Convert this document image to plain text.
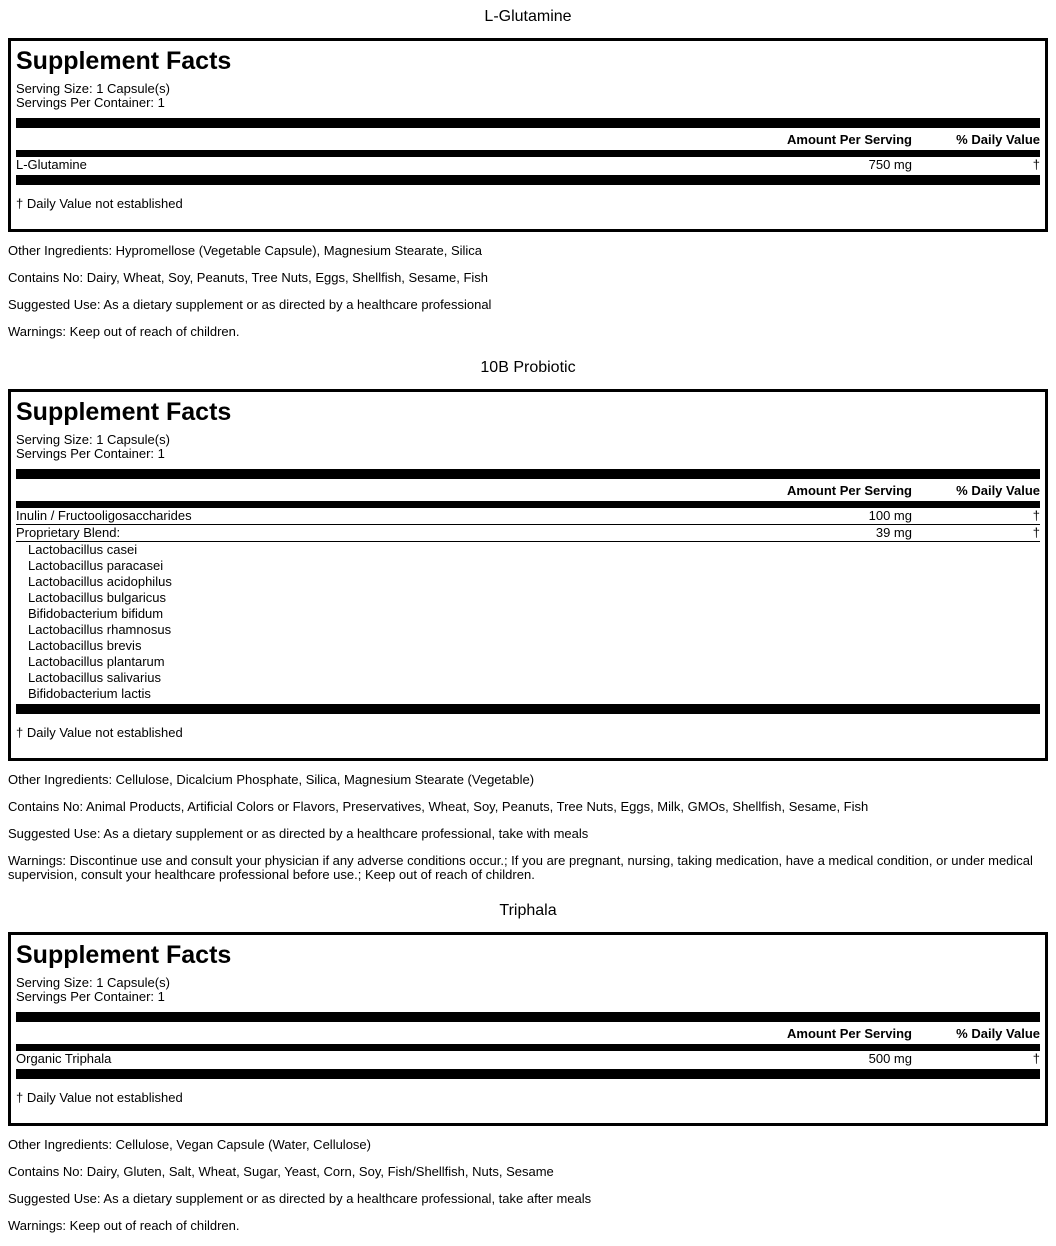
L-Glutamine
Supplement Facts
Serving Size: 1 Capsule(s)
Servings Per Container: 1
Amount Per Serving	% Daily Value
L-Glutamine	750 mg	†
† Daily Value not established

Other Ingredients: Hypromellose (Vegetable Capsule), Magnesium Stearate, Silica

Contains No: Dairy, Wheat, Soy, Peanuts, Tree Nuts, Eggs, Shellfish, Sesame, Fish

Suggested Use: As a dietary supplement or as directed by a healthcare professional

Warnings: Keep out of reach of children.

10B Probiotic
Supplement Facts
Serving Size: 1 Capsule(s)
Servings Per Container: 1
Amount Per Serving	% Daily Value
Inulin / Fructooligosaccharides	100 mg	†
Proprietary Blend:	39 mg	†
Lactobacillus casei
Lactobacillus paracasei
Lactobacillus acidophilus
Lactobacillus bulgaricus
Bifidobacterium bifidum
Lactobacillus rhamnosus
Lactobacillus brevis
Lactobacillus plantarum
Lactobacillus salivarius
Bifidobacterium lactis
† Daily Value not established

Other Ingredients: Cellulose, Dicalcium Phosphate, Silica, Magnesium Stearate (Vegetable)

Contains No: Animal Products, Artificial Colors or Flavors, Preservatives, Wheat, Soy, Peanuts, Tree Nuts, Eggs, Milk, GMOs, Shellfish, Sesame, Fish

Suggested Use: As a dietary supplement or as directed by a healthcare professional, take with meals

Warnings: Discontinue use and consult your physician if any adverse conditions occur.; If you are pregnant, nursing, taking medication, have a medical condition, or under medical supervision, consult your healthcare professional before use.; Keep out of reach of children.

Triphala
Supplement Facts
Serving Size: 1 Capsule(s)
Servings Per Container: 1
Amount Per Serving	% Daily Value
Organic Triphala	500 mg	†
† Daily Value not established

Other Ingredients: Cellulose, Vegan Capsule (Water, Cellulose)

Contains No: Dairy, Gluten, Salt, Wheat, Sugar, Yeast, Corn, Soy, Fish/Shellfish, Nuts, Sesame

Suggested Use: As a dietary supplement or as directed by a healthcare professional, take after meals

Warnings: Keep out of reach of children.
